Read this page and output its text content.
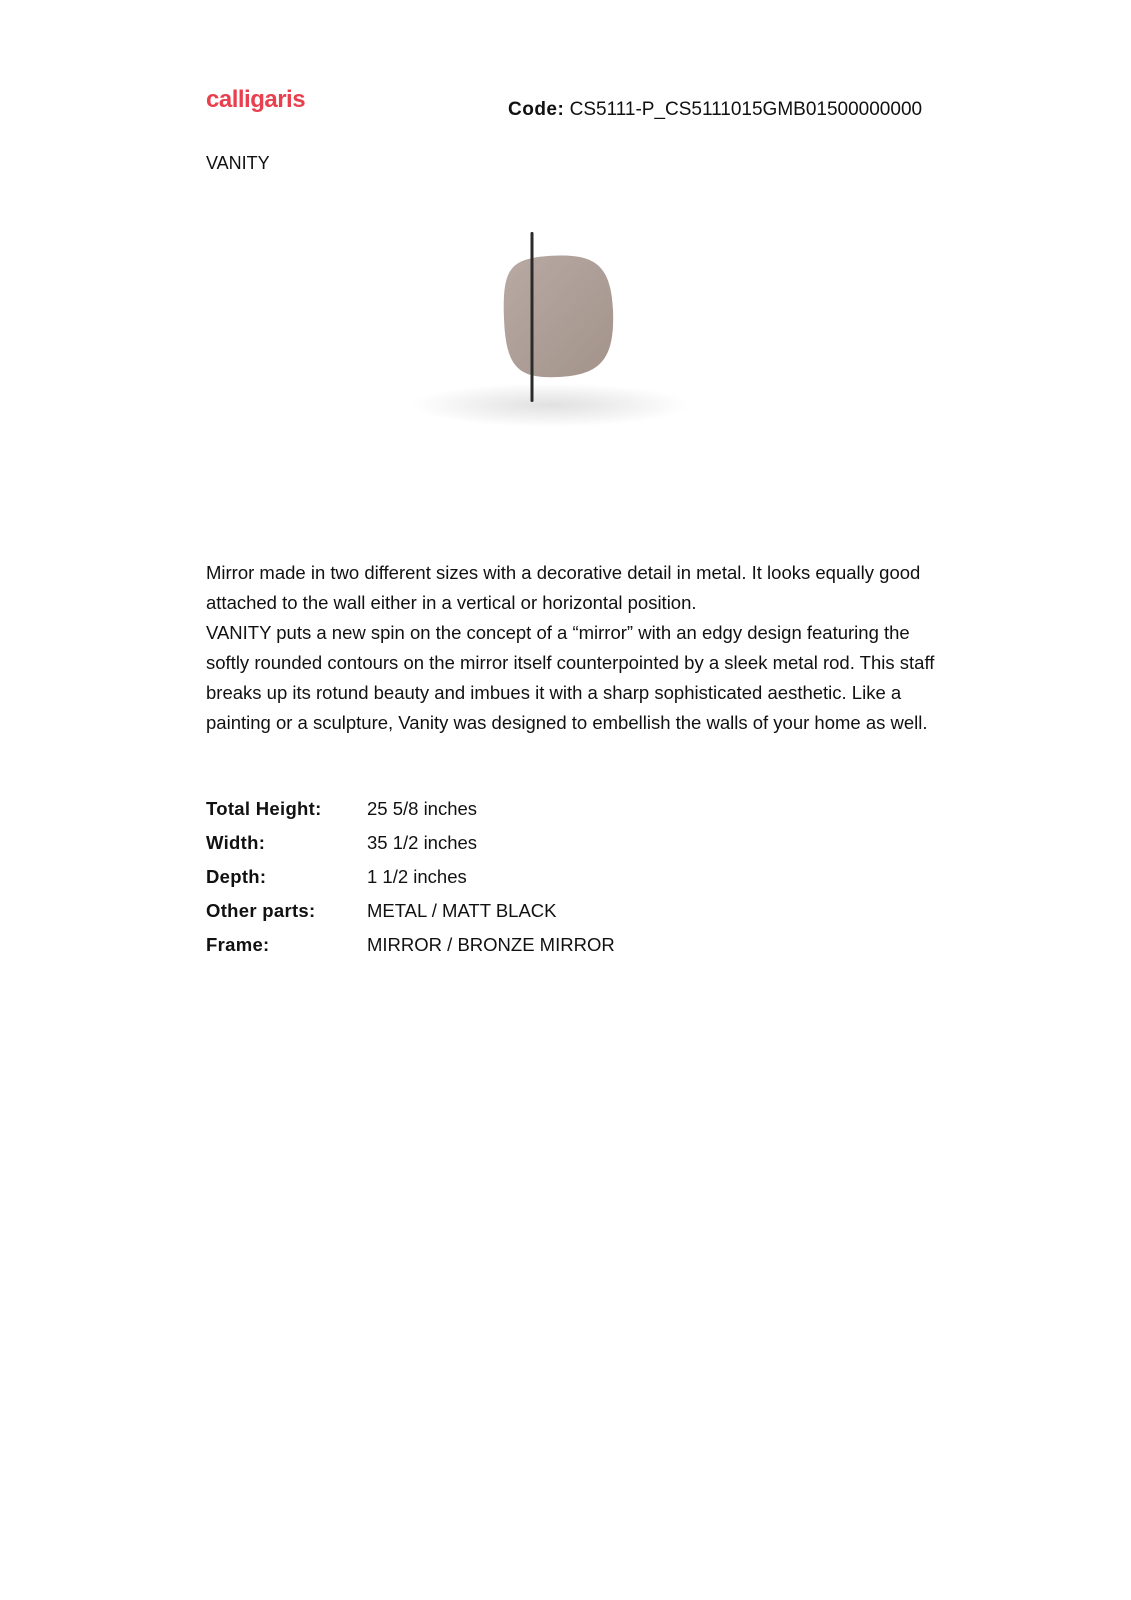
calligaris	Code: CS5111-P_CS5111015GMB01500000000
VANITY

Mirror made in two different sizes with a decorative detail in metal. It looks equally good attached to the wall either in a vertical or horizontal position.

VANITY puts a new spin on the concept of a “mirror” with an edgy design featuring the softly rounded contours on the mirror itself counterpointed by a sleek metal rod. This staff breaks up its rotund beauty and imbues it with a sharp sophisticated aesthetic. Like a painting or a sculpture, Vanity was designed to embellish the walls of your home as well.

Total Height:	25 5/8 inches
Width:	35 1/2 inches
Depth:	1 1/2 inches
Other parts:	METAL / MATT BLACK
Frame:	MIRROR / BRONZE MIRROR
